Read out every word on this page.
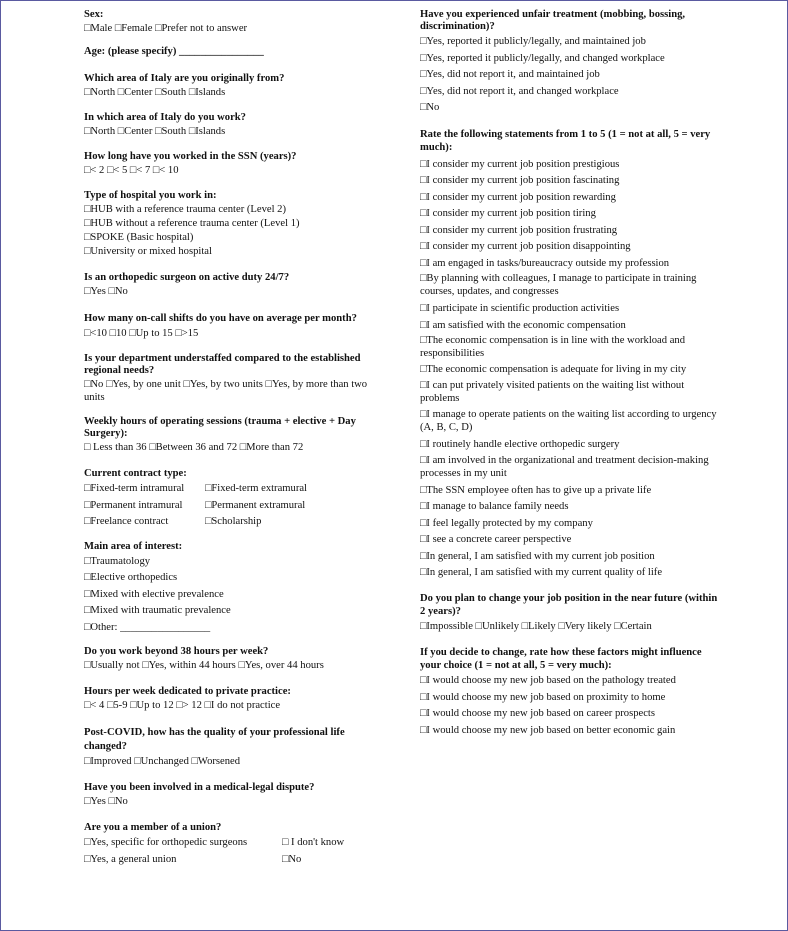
Sex:
□Male □Female □Prefer not to answer
Age: (please specify) ________________
Which area of Italy are you originally from?
□North □Center □South □Islands
In which area of Italy do you work?
□North □Center □South □Islands
How long have you worked in the SSN (years)?
□< 2 □< 5 □< 7 □< 10
Type of hospital you work in:
□HUB with a reference trauma center (Level 2)
□HUB without a reference trauma center (Level 1)
□SPOKE (Basic hospital)
□University or mixed hospital
Is an orthopedic surgeon on active duty 24/7?
□Yes □No
How many on-call shifts do you have on average per month?
□<10 □10 □Up to 15 □>15
Is your department understaffed compared to the established regional needs?
□No □Yes, by one unit □Yes, by two units □Yes, by more than two units
Weekly hours of operating sessions (trauma + elective + Day Surgery):
□ Less than 36 □Between 36 and 72 □More than 72
Current contract type:
□Fixed-term intramural	□Fixed-term extramural
□Permanent intramural	□Permanent extramural
□Freelance contract	□Scholarship
Main area of interest:
□Traumatology
□Elective orthopedics
□Mixed with elective prevalence
□Mixed with traumatic prevalence
□Other: _________________
Do you work beyond 38 hours per week?
□Usually not □Yes, within 44 hours □Yes, over 44 hours
Hours per week dedicated to private practice:
□< 4 □5-9 □Up to 12 □> 12 □I do not practice
Post-COVID, how has the quality of your professional life changed?
□Improved □Unchanged □Worsened
Have you been involved in a medical-legal dispute?
□Yes □No
Are you a member of a union?
□Yes, specific for orthopedic surgeons	□ I don't know
□Yes, a general union	□No
Have you experienced unfair treatment (mobbing, bossing, discrimination)?
□Yes, reported it publicly/legally, and maintained job
□Yes, reported it publicly/legally, and changed workplace
□Yes, did not report it, and maintained job
□Yes, did not report it, and changed workplace
□No
Rate the following statements from 1 to 5 (1 = not at all, 5 = very much):
□I consider my current job position prestigious
□I consider my current job position fascinating
□I consider my current job position rewarding
□I consider my current job position tiring
□I consider my current job position frustrating
□I consider my current job position disappointing
□I am engaged in tasks/bureaucracy outside my profession
□By planning with colleagues, I manage to participate in training courses, updates, and congresses
□I participate in scientific production activities
□I am satisfied with the economic compensation
□The economic compensation is in line with the workload and responsibilities
□The economic compensation is adequate for living in my city
□I can put privately visited patients on the waiting list without problems
□I manage to operate patients on the waiting list according to urgency (A, B, C, D)
□I routinely handle elective orthopedic surgery
□I am involved in the organizational and treatment decision-making processes in my unit
□The SSN employee often has to give up a private life
□I manage to balance family needs
□I feel legally protected by my company
□I see a concrete career perspective
□In general, I am satisfied with my current job position
□In general, I am satisfied with my current quality of life
Do you plan to change your job position in the near future (within 2 years)?
□Impossible □Unlikely □Likely □Very likely □Certain
If you decide to change, rate how these factors might influence your choice (1 = not at all, 5 = very much):
□I would choose my new job based on the pathology treated
□I would choose my new job based on proximity to home
□I would choose my new job based on career prospects
□I would choose my new job based on better economic gain
